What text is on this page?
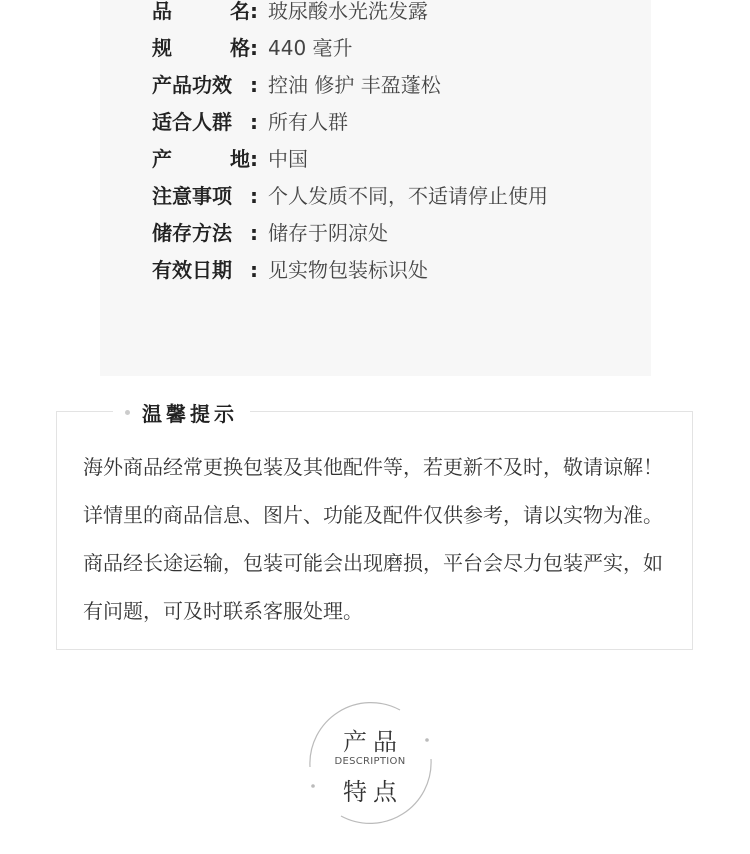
品	名 : 玻尿酸水光洗发露
规	格 : 440 毫升
产品功效 : 控油 修护 丰盈蓬松
适合人群 : 所有人群
产	地 : 中国
注意事项 : 个人发质不同，不适请停止使用
储存方法 : 储存于阴凉处
有效日期 : 见实物包装标识处
温馨提示

海外商品经常更换包装及其他配件等，若更新不及时，敬请谅解！详情里的商品信息、图片、功能及配件仅供参考，请以实物为准。商品经长途运输，包装可能会出现磨损，平台会尽力包装严实，如有问题，可及时联系客服处理。

产品
DESCRIPTION
特点
